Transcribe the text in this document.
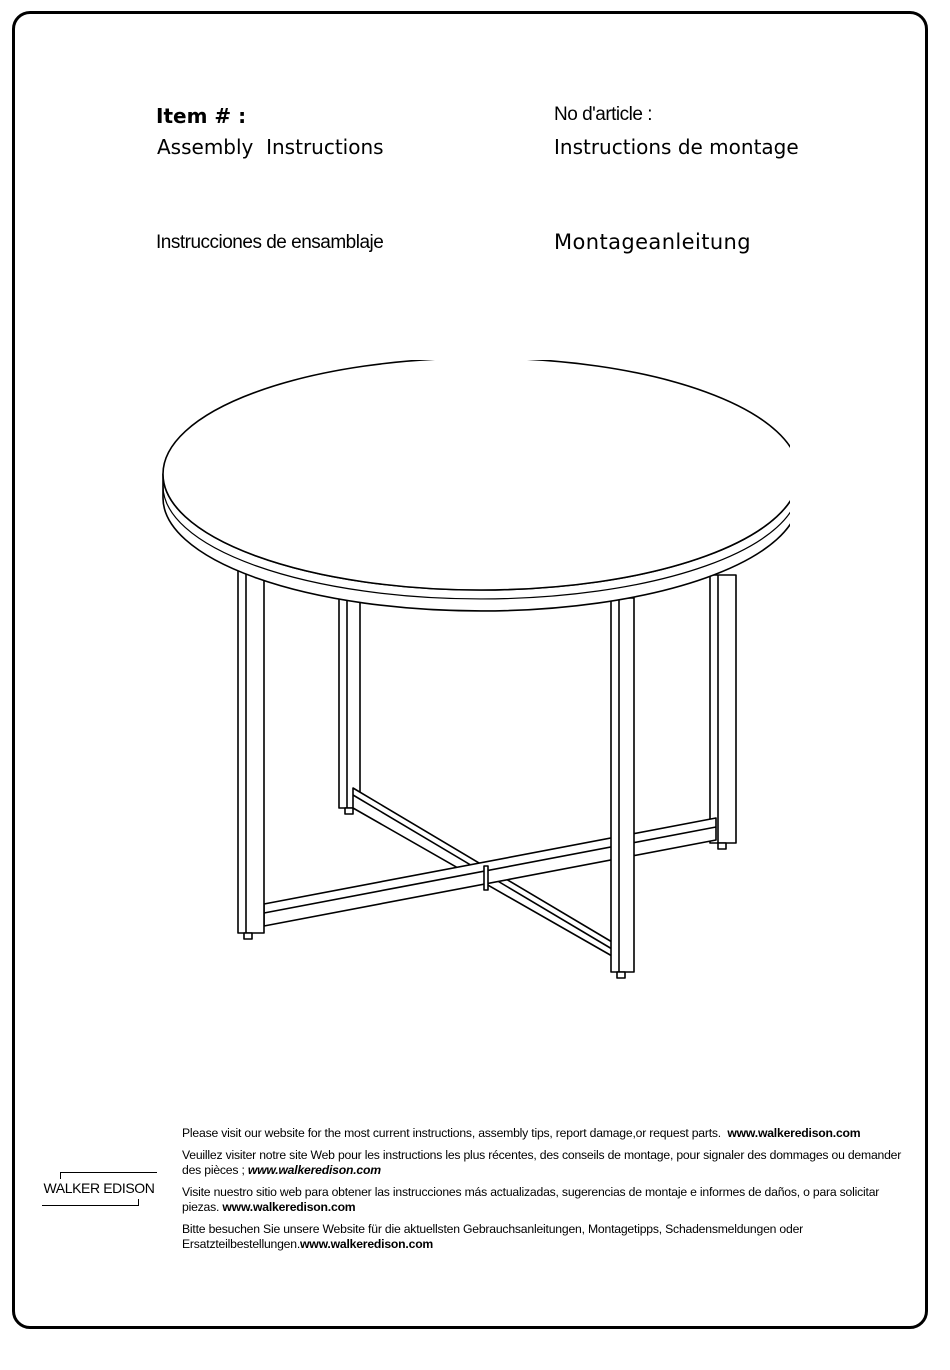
Item # :
Assembly  Instructions
No d'article :
Instructions de montage
Instrucciones de ensamblaje	Montageanleitung

Please visit our website for the most current instructions, assembly tips, report damage,or request parts.  www.walkeredison.com

Veuillez visiter notre site Web pour les instructions les plus récentes, des conseils de montage, pour signaler des dommages ou demander des pièces ; www.walkeredison.com

Visite nuestro sitio web para obtener las instrucciones más actualizadas, sugerencias de montaje e informes de daños, o para solicitar piezas. www.walkeredison.com

Bitte besuchen Sie unsere Website für die aktuellsten Gebrauchsanleitungen, Montagetipps, Schadensmeldungen oder Ersatzteilbestellungen.www.walkeredison.com

WALKER EDISON
